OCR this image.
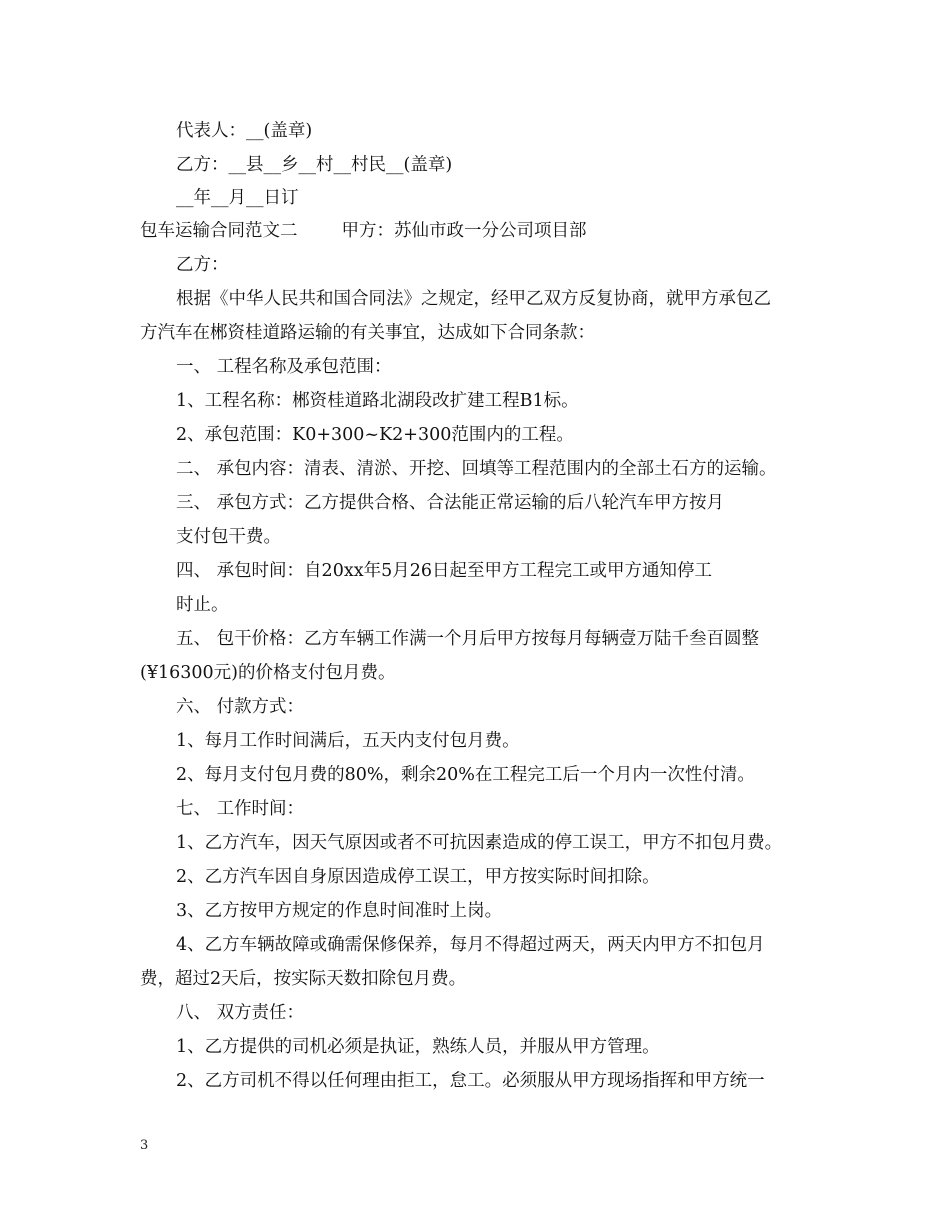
代表人：__(盖章)
乙方：__县__乡__村__村民__(盖章)
__年__月__日订
包车运输合同范文二	甲方：苏仙市政一分公司项目部
乙方：
根据《中华人民共和国合同法》之规定，经甲乙双方反复协商，就甲方承包乙
方汽车在郴资桂道路运输的有关事宜，达成如下合同条款：
一、 工程名称及承包范围：
1、工程名称：郴资桂道路北湖段改扩建工程B1标。
2、承包范围：K0+300~K2+300范围内的工程。
二、 承包内容：清表、清淤、开挖、回填等工程范围内的全部土石方的运输。
三、 承包方式：乙方提供合格、合法能正常运输的后八轮汽车甲方按月
支付包干费。
四、 承包时间：自20xx年5月26日起至甲方工程完工或甲方通知停工
时止。
五、 包干价格：乙方车辆工作满一个月后甲方按每月每辆壹万陆千叁百圆整
(¥16300元)的价格支付包月费。
六、 付款方式：
1、每月工作时间满后，五天内支付包月费。
2、每月支付包月费的80%，剩余20%在工程完工后一个月内一次性付清。
七、 工作时间：
1、乙方汽车，因天气原因或者不可抗因素造成的停工误工，甲方不扣包月费。
2、乙方汽车因自身原因造成停工误工，甲方按实际时间扣除。
3、乙方按甲方规定的作息时间准时上岗。
4、乙方车辆故障或确需保修保养，每月不得超过两天，两天内甲方不扣包月
费，超过2天后，按实际天数扣除包月费。
八、 双方责任：
1、乙方提供的司机必须是执证，熟练人员，并服从甲方管理。
2、乙方司机不得以任何理由拒工，怠工。必须服从甲方现场指挥和甲方统一
3
